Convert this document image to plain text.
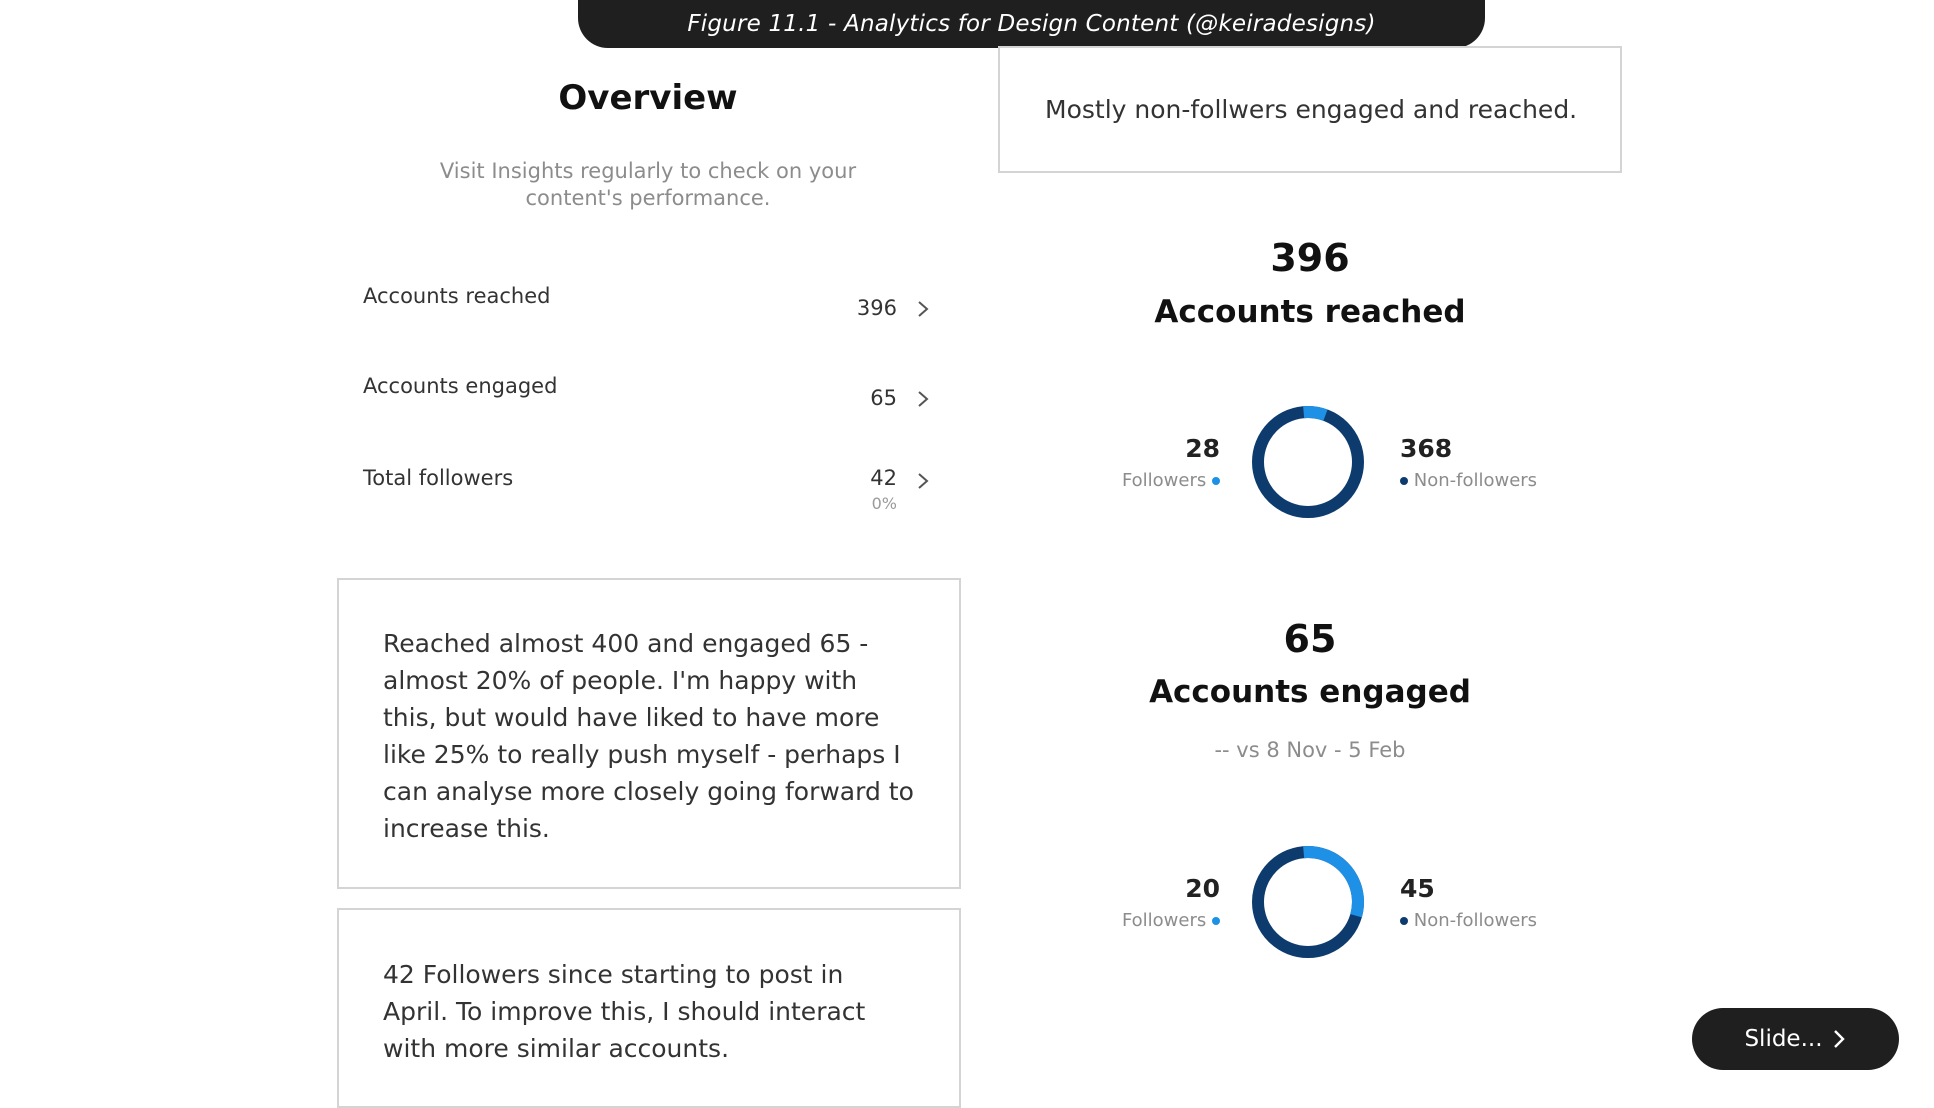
Figure 11.1 - Analytics for Design Content (@keiradesigns)
Overview
Visit Insights regularly to check on your
content's performance.
Accounts reached	396
Accounts engaged	65
Total followers	42
0%
Mostly non-follwers engaged and reached.
Reached almost 400 and engaged 65 - almost 20% of people. I'm happy with this, but would have liked to have more like 25% to really push myself - perhaps I can analyse more closely going forward to increase this.
42 Followers since starting to post in April. To improve this, I should interact with more similar accounts.
396
Accounts reached
28
Followers
368
Non-followers
65
Accounts engaged
-- vs 8 Nov - 5 Feb
20
Followers
45
Non-followers
Slide...
